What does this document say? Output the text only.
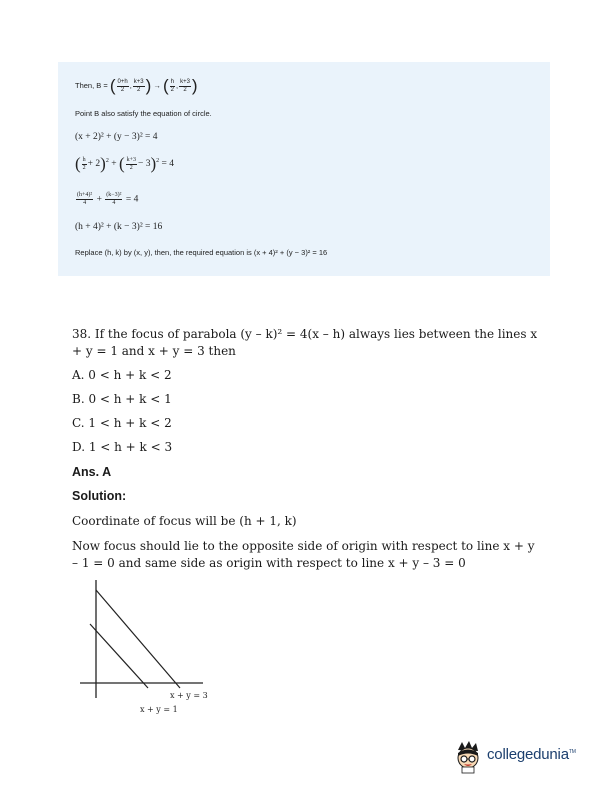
Then, B = ( $\frac{0+h}{2}$ , $\frac{k+3}{2}$ ) → ( $\frac{h}{2}$ , $\frac{k+3}{2}$ )
Point B also satisfy the equation of circle.
(x + 2)² + (y − 3)² = 4
( $\frac{h}{2} + 2)^2$ + ( $\frac{k+3}{2} - 3)^2 = 4$
$\frac{\text{(h+4)²}}{4} + \frac{\text{(k−3)²}}{4} = 4$
(h + 4)² + (k − 3)² = 16
Replace (h, k) by (x, y), then, the required equation is (x + 4)² + (y − 3)² = 16
38. If the focus of parabola (y – k)² = 4(x – h) always lies between the lines x + y = 1 and x + y = 3 then
A. 0 < h + k < 2
B. 0 < h + k < 1
C. 1 < h + k < 2
D. 1 < h + k < 3
Ans. A
Solution:
Coordinate of focus will be (h + 1, k)
Now focus should lie to the opposite side of origin with respect to line x + y – 1 = 0 and same side as origin with respect to line x + y – 3 = 0
x + y = 3
x + y = 1
collegedunia™
